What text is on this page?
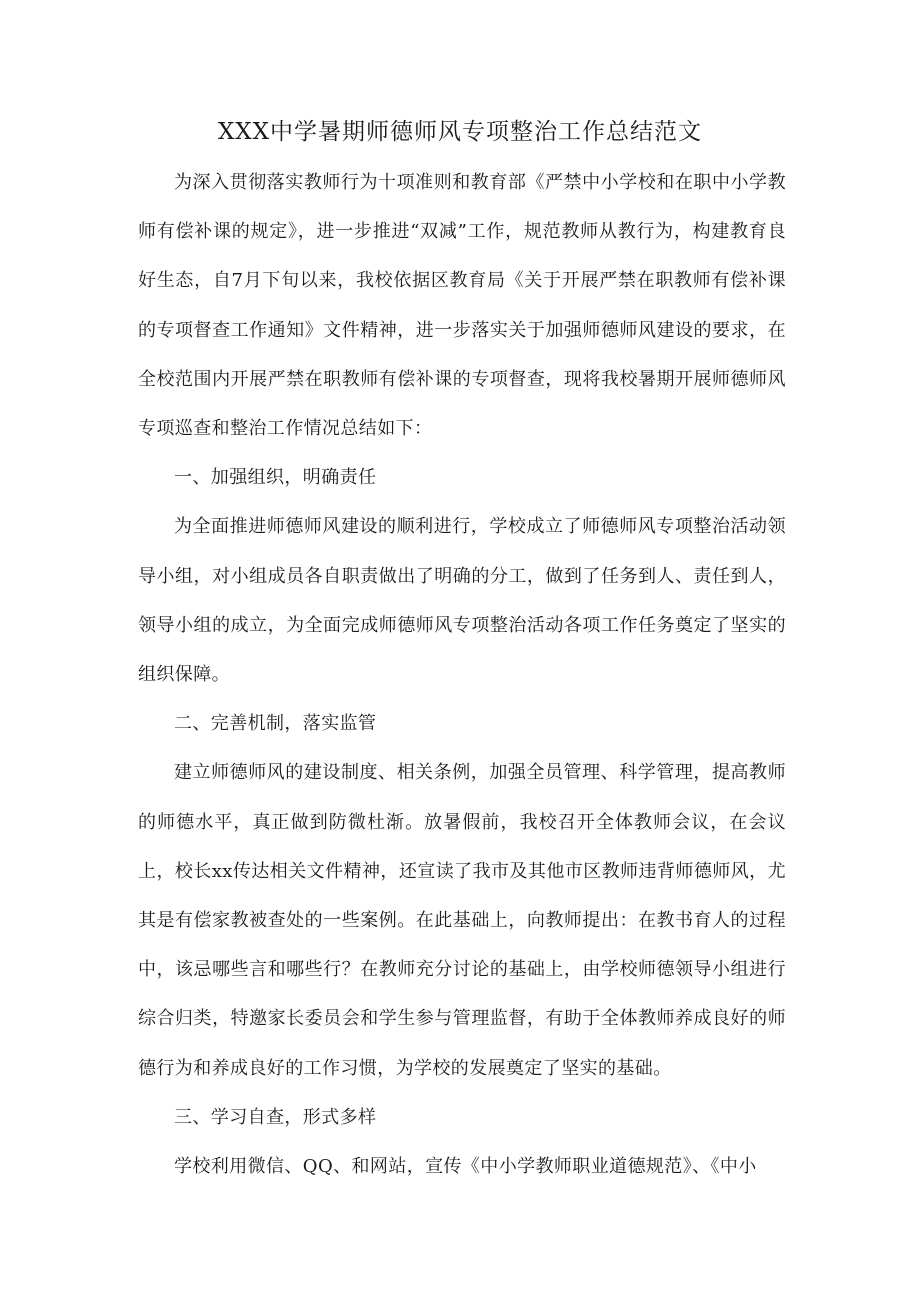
XXX中学暑期师德师风专项整治工作总结范文

为深入贯彻落实教师行为十项准则和教育部《严禁中小学校和在职中小学教师有偿补课的规定》，进一步推进“双减”工作，规范教师从教行为，构建教育良好生态，自7月下旬以来，我校依据区教育局《关于开展严禁在职教师有偿补课的专项督查工作通知》文件精神，进一步落实关于加强师德师风建设的要求，在全校范围内开展严禁在职教师有偿补课的专项督查，现将我校暑期开展师德师风专项巡查和整治工作情况总结如下：

一、加强组织，明确责任

为全面推进师德师风建设的顺利进行，学校成立了师德师风专项整治活动领导小组，对小组成员各自职责做出了明确的分工，做到了任务到人、责任到人，领导小组的成立，为全面完成师德师风专项整治活动各项工作任务奠定了坚实的组织保障。

二、完善机制，落实监管

建立师德师风的建设制度、相关条例，加强全员管理、科学管理，提高教师的师德水平，真正做到防微杜渐。放暑假前，我校召开全体教师会议，在会议上，校长xx传达相关文件精神，还宣读了我市及其他市区教师违背师德师风，尤其是有偿家教被查处的一些案例。在此基础上，向教师提出：在教书育人的过程中，该忌哪些言和哪些行？在教师充分讨论的基础上，由学校师德领导小组进行综合归类，特邀家长委员会和学生参与管理监督，有助于全体教师养成良好的师德行为和养成良好的工作习惯，为学校的发展奠定了坚实的基础。

三、学习自查，形式多样

学校利用微信、QQ、和网站，宣传《中小学教师职业道德规范》、《中小
